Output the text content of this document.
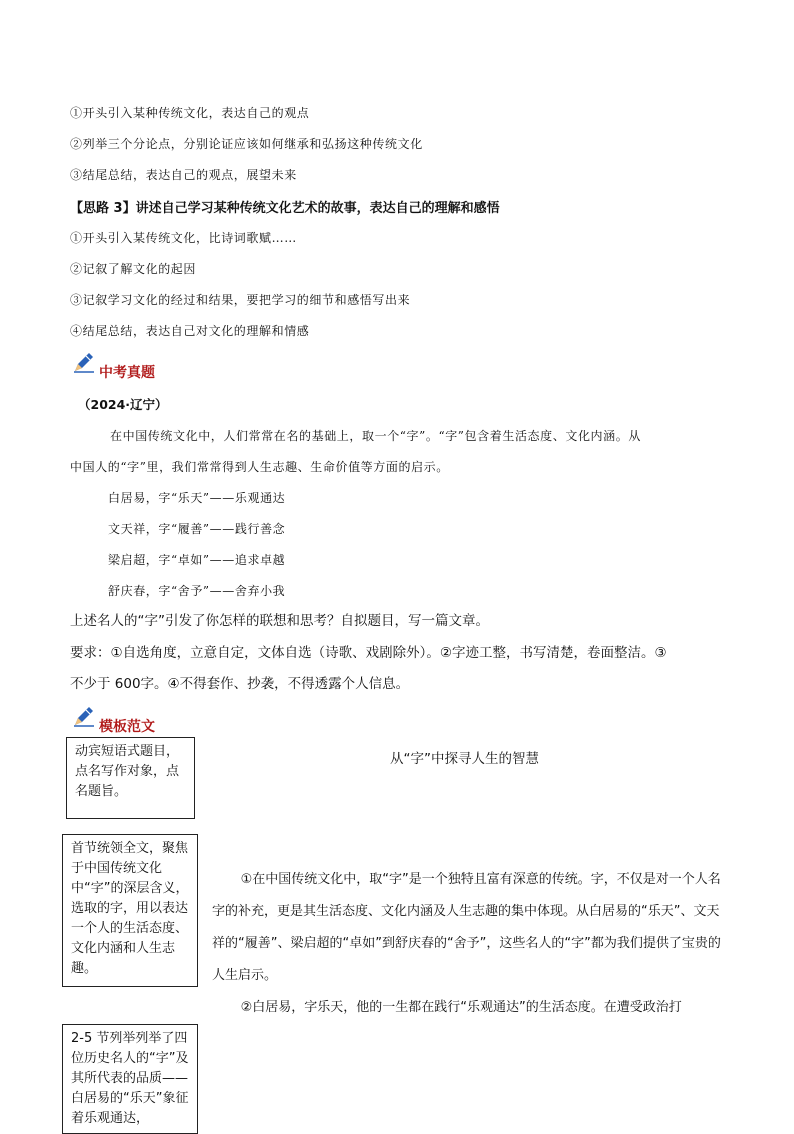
①开头引入某种传统文化，表达自己的观点
②列举三个分论点，分别论证应该如何继承和弘扬这种传统文化
③结尾总结，表达自己的观点，展望未来
【思路 3】讲述自己学习某种传统文化艺术的故事，表达自己的理解和感悟
①开头引入某传统文化，比诗词歌赋……
②记叙了解文化的起因
③记叙学习文化的经过和结果，要把学习的细节和感悟写出来
④结尾总结，表达自己对文化的理解和情感
中考真题
（2024·辽宁）
在中国传统文化中，人们常常在名的基础上，取一个“字”。“字”包含着生活态度、文化内涵。从
中国人的“字”里，我们常常得到人生志趣、生命价值等方面的启示。
白居易，字“乐天”——乐观通达
文天祥，字“履善”——践行善念
梁启超，字“卓如”——追求卓越
舒庆春，字“舍予”——舍弃小我
上述名人的“字”引发了你怎样的联想和思考？自拟题目，写一篇文章。
要求：①自选角度，立意自定，文体自选（诗歌、戏剧除外）。②字迹工整，书写清楚，卷面整洁。③
不少于 600字。④不得套作、抄袭，不得透露个人信息。
模板范文
动宾短语式题目，点名写作对象，点名题旨。
首节统领全文，聚焦于中国传统文化中“字”的深层含义，选取的字，用以表达一个人的生活态度、文化内涵和人生志趣。
2-5 节列举列举了四位历史名人的“字”及其所代表的品质——白居易的“乐天”象征着乐观通达，
从“字”中探寻人生的智慧
①在中国传统文化中，取“字”是一个独特且富有深意的传统。字，不仅是对一个人名字的补充，更是其生活态度、文化内涵及人生志趣的集中体现。从白居易的“乐天”、文天祥的“履善”、梁启超的“卓如”到舒庆春的“舍予”，这些名人的“字”都为我们提供了宝贵的人生启示。
②白居易，字乐天，他的一生都在践行“乐观通达”的生活态度。在遭受政治打
